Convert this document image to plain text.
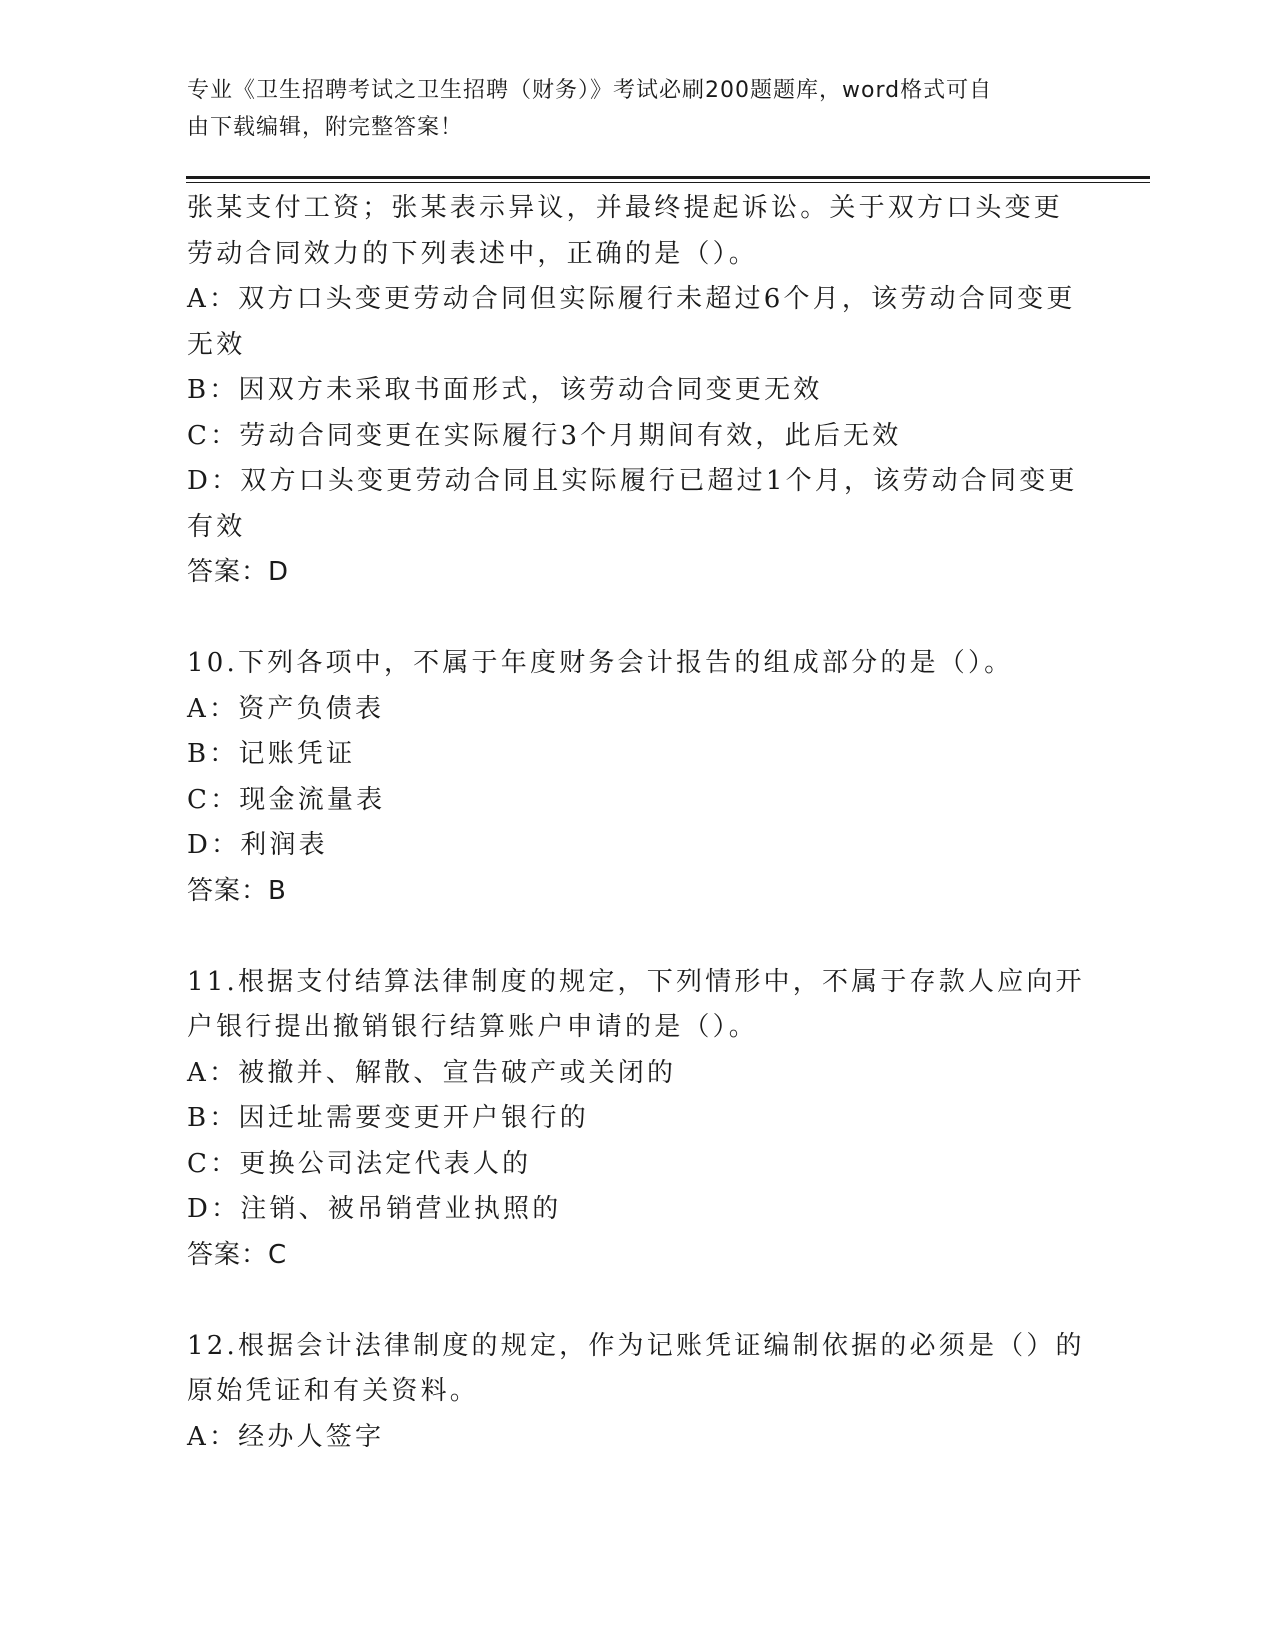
专业《卫生招聘考试之卫生招聘（财务）》考试必刷200题题库，word格式可自
由下载编辑，附完整答案！
张某支付工资；张某表示异议，并最终提起诉讼。关于双方口头变更
劳动合同效力的下列表述中，正确的是（）。
A：双方口头变更劳动合同但实际履行未超过6个月，该劳动合同变更
无效
B：因双方未采取书面形式，该劳动合同变更无效
C：劳动合同变更在实际履行3个月期间有效，此后无效
D：双方口头变更劳动合同且实际履行已超过1个月，该劳动合同变更
有效
答案：D
10.下列各项中，不属于年度财务会计报告的组成部分的是（）。
A：资产负债表
B：记账凭证
C：现金流量表
D：利润表
答案：B
11.根据支付结算法律制度的规定，下列情形中，不属于存款人应向开
户银行提出撤销银行结算账户申请的是（）。
A：被撤并、解散、宣告破产或关闭的
B：因迁址需要变更开户银行的
C：更换公司法定代表人的
D：注销、被吊销营业执照的
答案：C
12.根据会计法律制度的规定，作为记账凭证编制依据的必须是（）的
原始凭证和有关资料。
A：经办人签字
